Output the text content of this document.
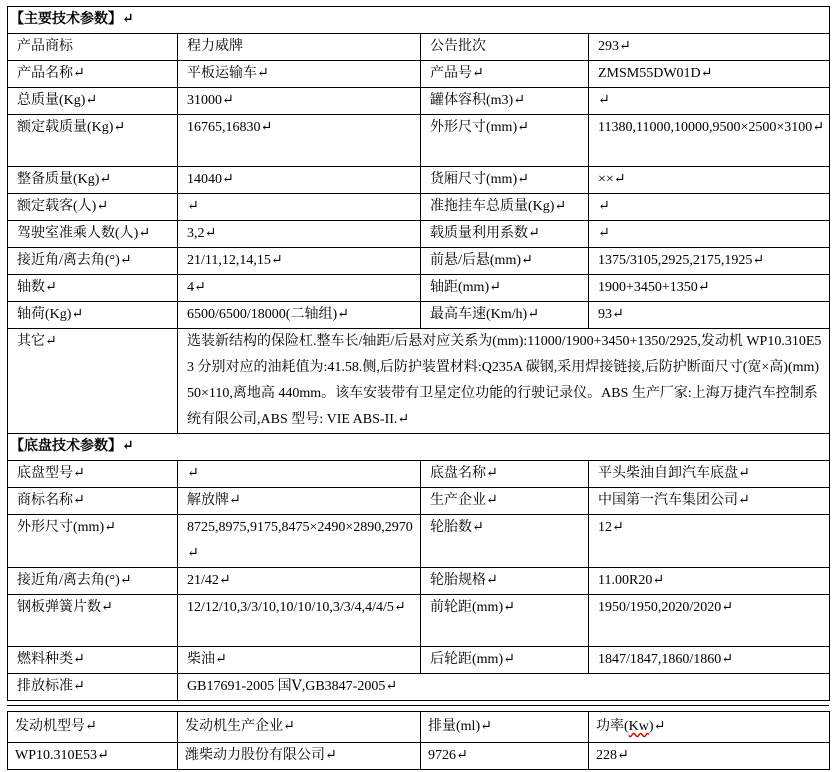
【主要技术参数】↵			
产品商标	程力威牌	公告批次	293↵
产品名称↵	平板运输车↵	产品号↵	ZMSM55DW01D↵
总质量(Kg)↵	31000↵	罐体容积(m3)↵	↵
额定载质量(Kg)↵	16765,16830↵	外形尺寸(mm)↵	11380,11000,10000,9500×2500×3100↵
整备质量(Kg)↵	14040↵	货厢尺寸(mm)↵	××↵
额定载客(人)↵	↵	准拖挂车总质量(Kg)↵	↵
驾驶室准乘人数(人)↵	3,2↵	载质量利用系数↵	↵
接近角/离去角(°)↵	21/11,12,14,15↵	前悬/后悬(mm)↵	1375/3105,2925,2175,1925↵
轴数↵	4↵	轴距(mm)↵	1900+3450+1350↵
轴荷(Kg)↵	6500/6500/18000(二轴组)↵	最高车速(Km/h)↵	93↵
其它↵	选装新结构的保险杠.整车长/轴距/后悬对应关系为(mm):11000/1900+3450+1350/2925,发动机 WP10.310E53 分别对应的油耗值为:41.58.侧,后防护装置材料:Q235A 碳钢,采用焊接链接,后防护断面尺寸(宽×高)(mm)50×110,离地高 440mm。该车安装带有卫星定位功能的行驶记录仪。ABS 生产厂家:上海万捷汽车控制系统有限公司,ABS 型号: VIE ABS-II.↵		
【底盘技术参数】↵			
底盘型号↵	↵	底盘名称↵	平头柴油自卸汽车底盘↵
商标名称↵	解放牌↵	生产企业↵	中国第一汽车集团公司↵
外形尺寸(mm)↵	8725,8975,9175,8475×2490×2890,2970↵	轮胎数↵	12↵
接近角/离去角(°)↵	21/42↵	轮胎规格↵	11.00R20↵
钢板弹簧片数↵	12/12/10,3/3/10,10/10/10,3/3/4,4/4/5↵	前轮距(mm)↵	1950/1950,2020/2020↵
燃料种类↵	柴油↵	后轮距(mm)↵	1847/1847,1860/1860↵
排放标准↵	GB17691-2005 国Ⅴ,GB3847-2005↵		
发动机型号↵	发动机生产企业↵	排量(ml)↵	功率(Kw)↵
WP10.310E53↵	潍柴动力股份有限公司↵	9726↵	228↵
